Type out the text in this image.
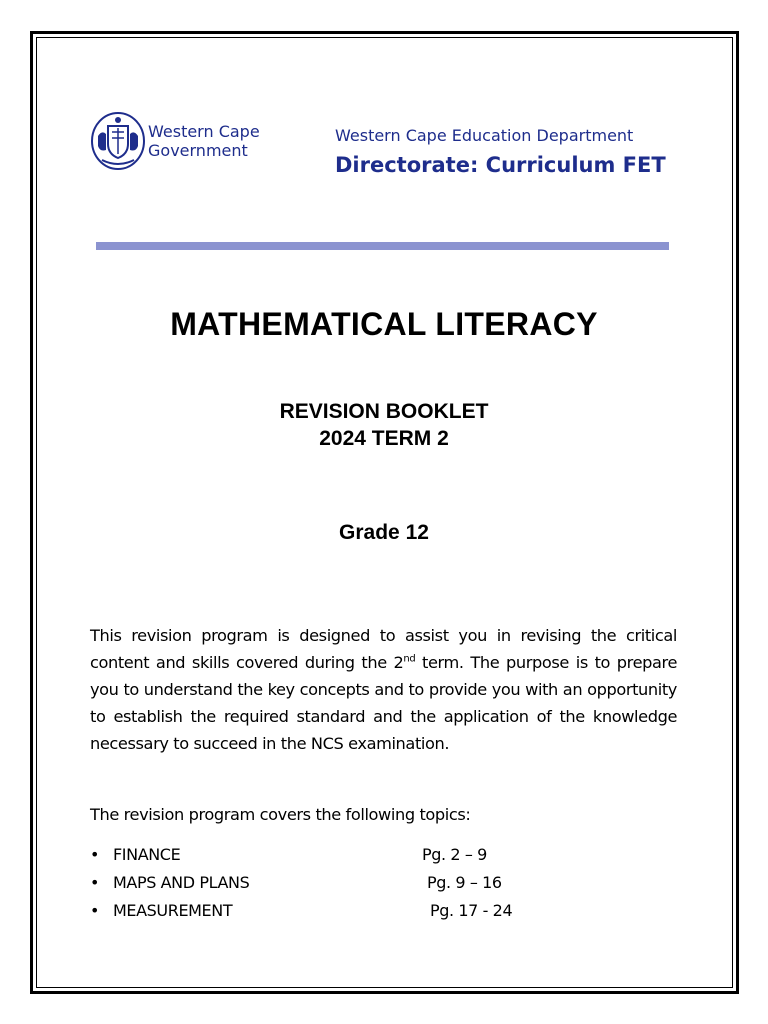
Western Cape
Government
Western Cape Education Department
Directorate: Curriculum FET
MATHEMATICAL LITERACY
REVISION BOOKLET
2024 TERM 2
Grade 12
This revision program is designed to assist you in revising the critical content and skills covered during the 2nd term. The purpose is to prepare you to understand the key concepts and to provide you with an opportunity to establish the required standard and the application of the knowledge necessary to succeed in the NCS examination.
The revision program covers the following topics:
• FINANCE	Pg. 2 – 9
• MAPS AND PLANS	Pg. 9 – 16
• MEASUREMENT	Pg. 17 - 24
